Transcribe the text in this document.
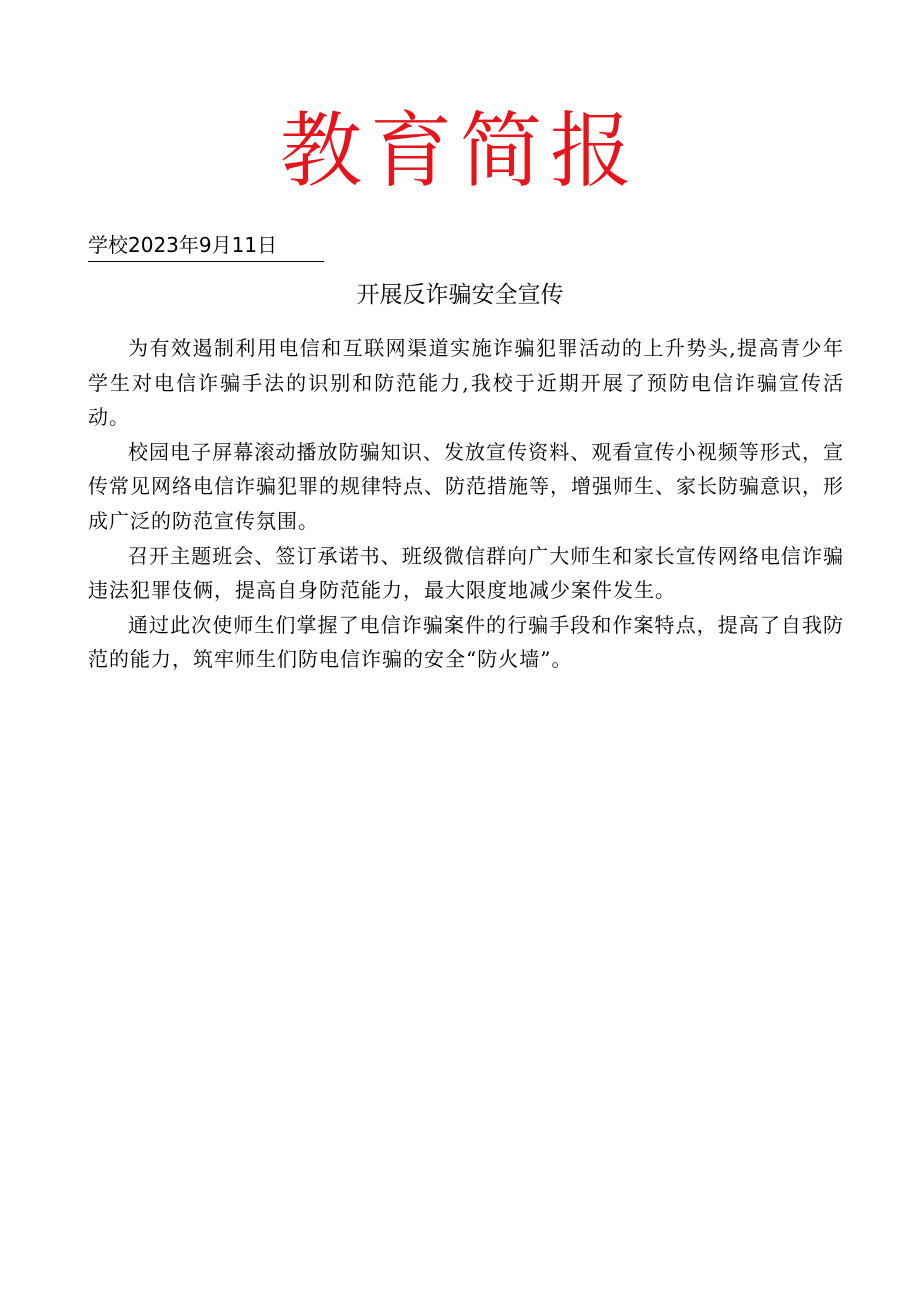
教育简报
学校2023年9月11日
开展反诈骗安全宣传

为有效遏制利用电信和互联网渠道实施诈骗犯罪活动的上升势头,提高青少年学生对电信诈骗手法的识别和防范能力,我校于近期开展了预防电信诈骗宣传活动。

校园电子屏幕滚动播放防骗知识、发放宣传资料、观看宣传小视频等形式，宣传常见网络电信诈骗犯罪的规律特点、防范措施等，增强师生、家长防骗意识，形成广泛的防范宣传氛围。

召开主题班会、签订承诺书、班级微信群向广大师生和家长宣传网络电信诈骗违法犯罪伎俩，提高自身防范能力，最大限度地减少案件发生。

通过此次使师生们掌握了电信诈骗案件的行骗手段和作案特点，提高了自我防范的能力，筑牢师生们防电信诈骗的安全“防火墙”。
